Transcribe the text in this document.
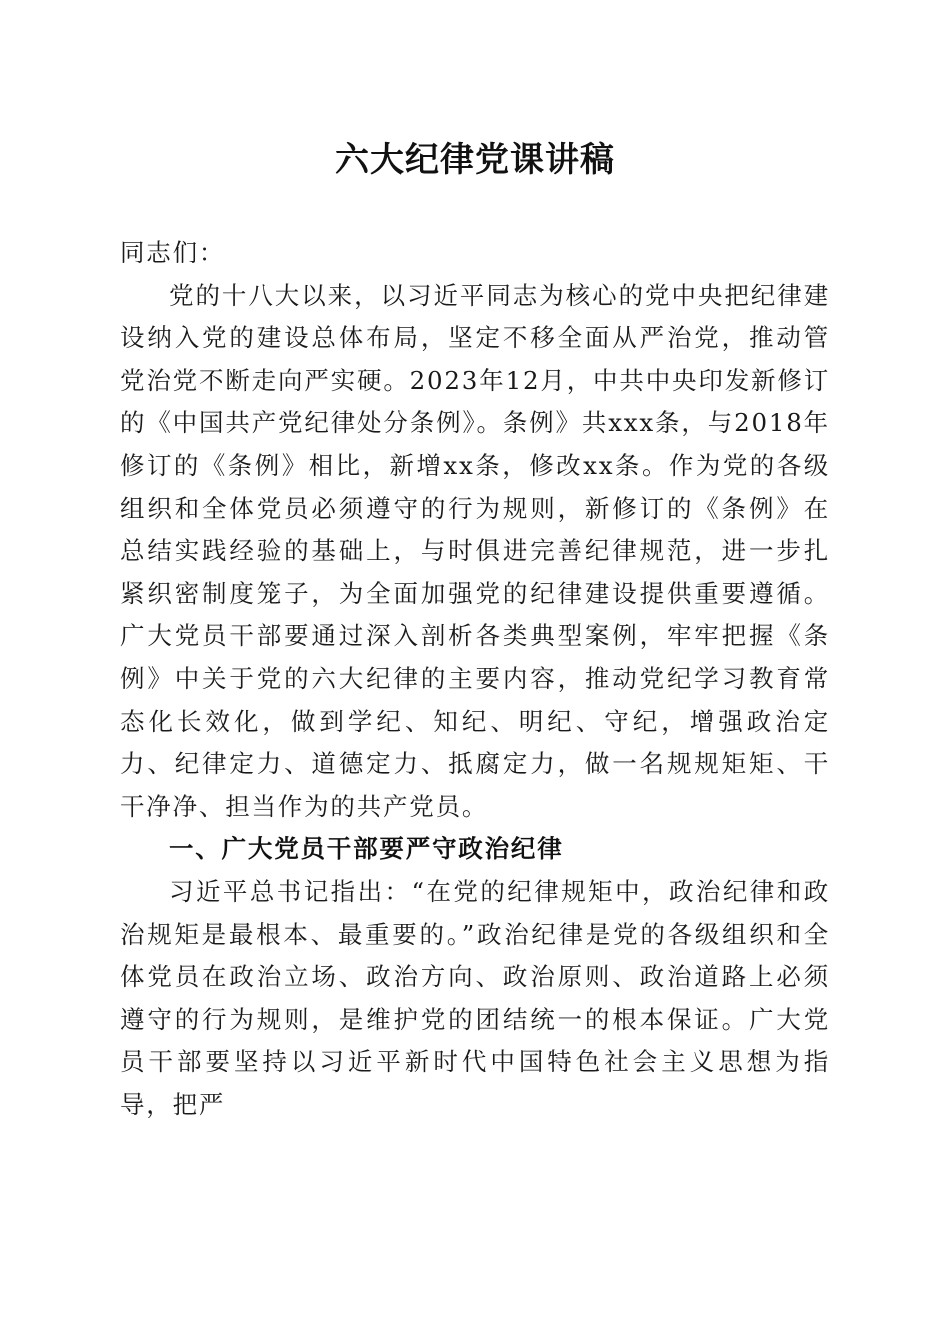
六大纪律党课讲稿

同志们：

党的十八大以来，以习近平同志为核心的党中央把纪律建设纳入党的建设总体布局，坚定不移全面从严治党，推动管党治党不断走向严实硬。2023年12月，中共中央印发新修订的《中国共产党纪律处分条例》。条例》共xxx条，与2018年修订的《条例》相比，新增xx条，修改xx条。作为党的各级组织和全体党员必须遵守的行为规则，新修订的《条例》在总结实践经验的基础上，与时俱进完善纪律规范，进一步扎紧织密制度笼子，为全面加强党的纪律建设提供重要遵循。广大党员干部要通过深入剖析各类典型案例，牢牢把握《条例》中关于党的六大纪律的主要内容，推动党纪学习教育常态化长效化，做到学纪、知纪、明纪、守纪，增强政治定力、纪律定力、道德定力、抵腐定力，做一名规规矩矩、干干净净、担当作为的共产党员。

一、广大党员干部要严守政治纪律

习近平总书记指出：“在党的纪律规矩中，政治纪律和政治规矩是最根本、最重要的。”政治纪律是党的各级组织和全体党员在政治立场、政治方向、政治原则、政治道路上必须遵守的行为规则，是维护党的团结统一的根本保证。广大党员干部要坚持以习近平新时代中国特色社会主义思想为指导，把严
